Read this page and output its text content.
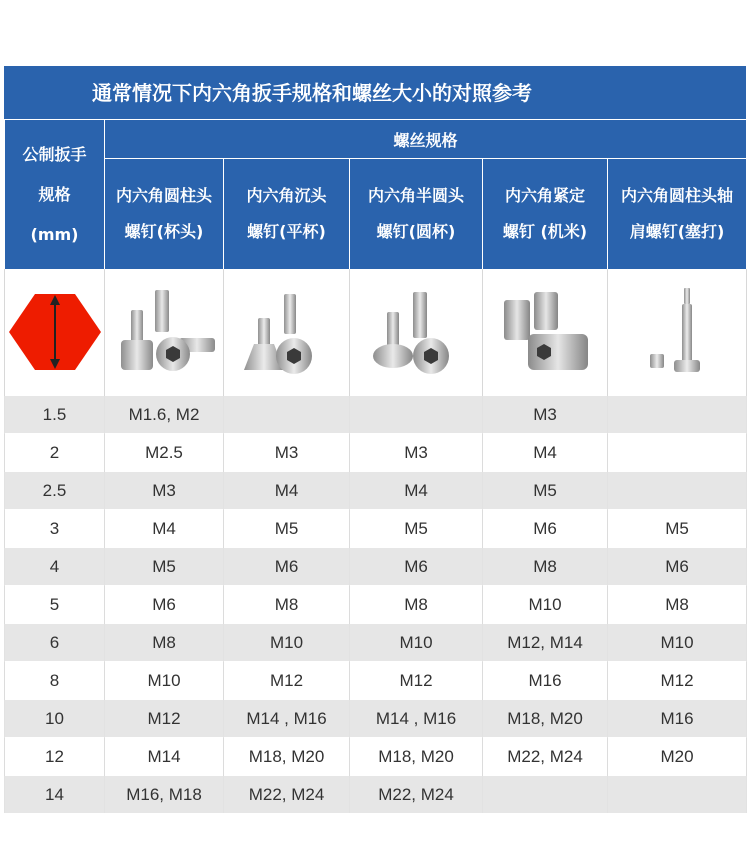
通常情况下内六角扳手规格和螺丝大小的对照参考
公制扳手
规格
(mm)	螺丝规格				

	内六角圆柱头
螺钉(杯头)	内六角沉头
螺钉(平杯)	内六角半圆头
螺钉(圆杯)	内六角紧定
螺钉 (机米)	内六角圆柱头轴
肩螺钉(塞打)

1.5	M1.6, M2			M3	
2	M2.5	M3	M3	M4	
2.5	M3	M4	M4	M5	
3	M4	M5	M5	M6	M5
4	M5	M6	M6	M8	M6
5	M6	M8	M8	M10	M8
6	M8	M10	M10	M12, M14	M10
8	M10	M12	M12	M16	M12
10	M12	M14 , M16	M14 , M16	M18, M20	M16
12	M14	M18, M20	M18, M20	M22, M24	M20
14	M16, M18	M22, M24	M22, M24		
